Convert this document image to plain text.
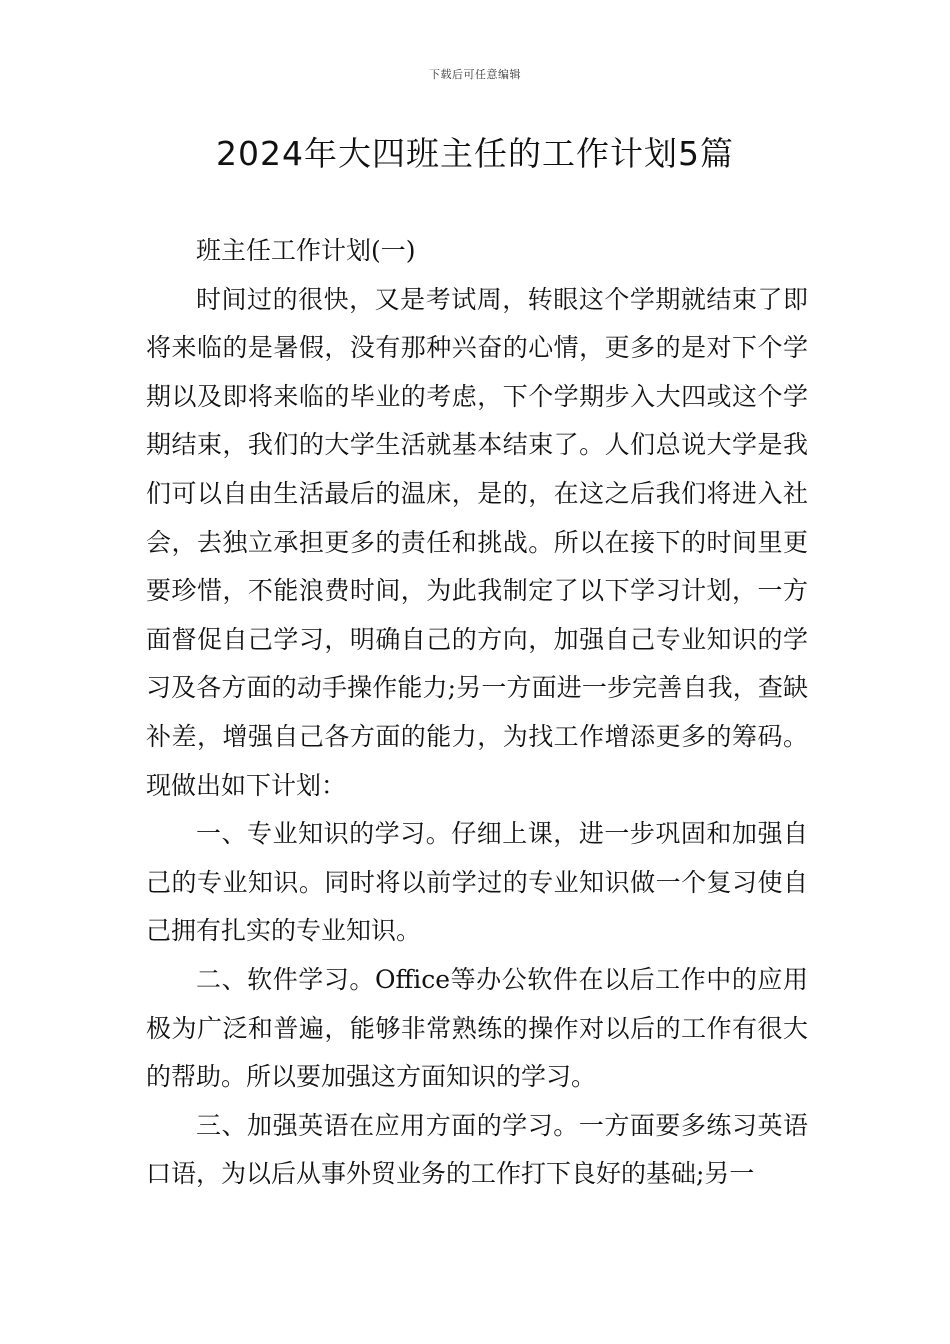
下载后可任意编辑
2024年大四班主任的工作计划5篇

班主任工作计划(一)

时间过的很快，又是考试周，转眼这个学期就结束了即将来临的是暑假，没有那种兴奋的心情，更多的是对下个学期以及即将来临的毕业的考虑，下个学期步入大四或这个学期结束，我们的大学生活就基本结束了。人们总说大学是我们可以自由生活最后的温床，是的，在这之后我们将进入社会，去独立承担更多的责任和挑战。所以在接下的时间里更要珍惜，不能浪费时间，为此我制定了以下学习计划，一方面督促自己学习，明确自己的方向，加强自己专业知识的学习及各方面的动手操作能力;另一方面进一步完善自我，查缺补差，增强自己各方面的能力，为找工作增添更多的筹码。现做出如下计划：

一、专业知识的学习。仔细上课，进一步巩固和加强自己的专业知识。同时将以前学过的专业知识做一个复习使自己拥有扎实的专业知识。

二、软件学习。Office等办公软件在以后工作中的应用极为广泛和普遍，能够非常熟练的操作对以后的工作有很大的帮助。所以要加强这方面知识的学习。

三、加强英语在应用方面的学习。一方面要多练习英语口语，为以后从事外贸业务的工作打下良好的基础;另一
